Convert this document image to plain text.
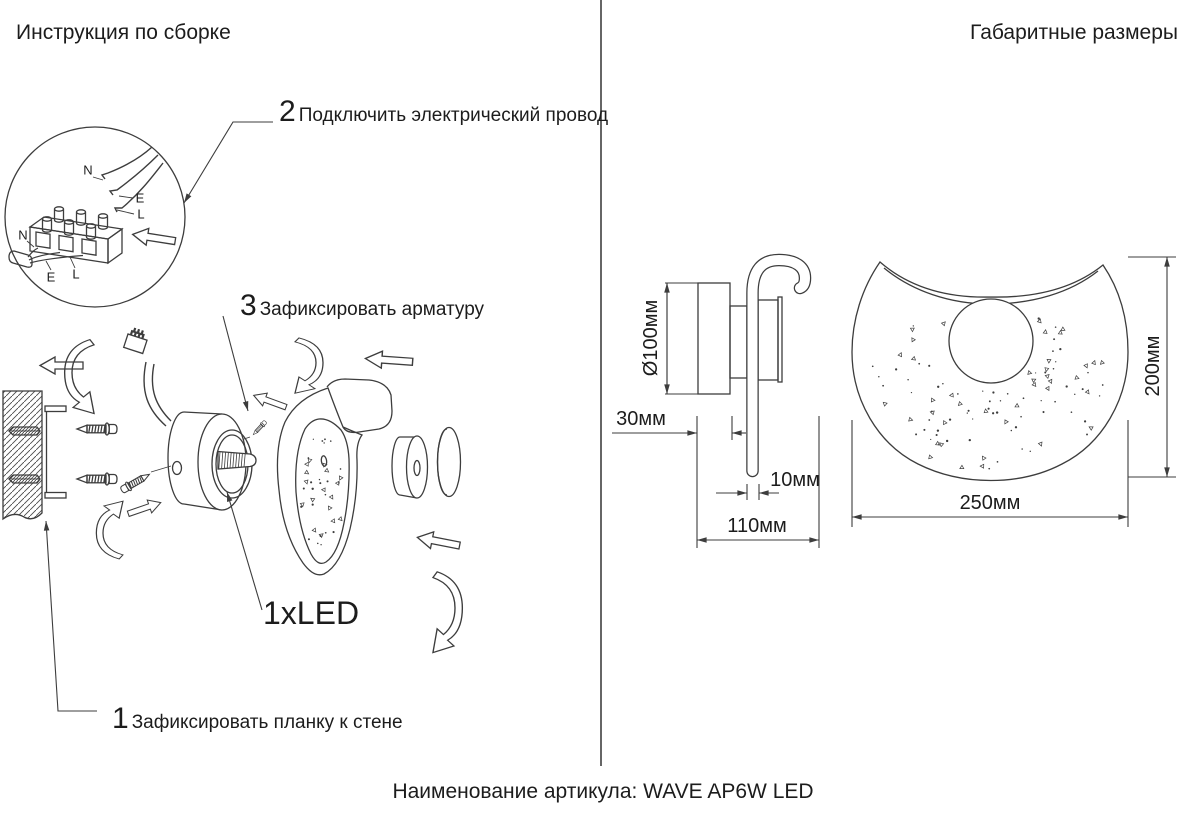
Инструкция по сборке	Габаритные размеры
2 Подключить электрический провод
3 Зафиксировать арматуру
1 Зафиксировать планку к стене
1xLED
N
E
L
N
E L
Ø100мм
30мм
10мм
110мм
250мм
200мм
Наименование артикула: WAVE AP6W LED
